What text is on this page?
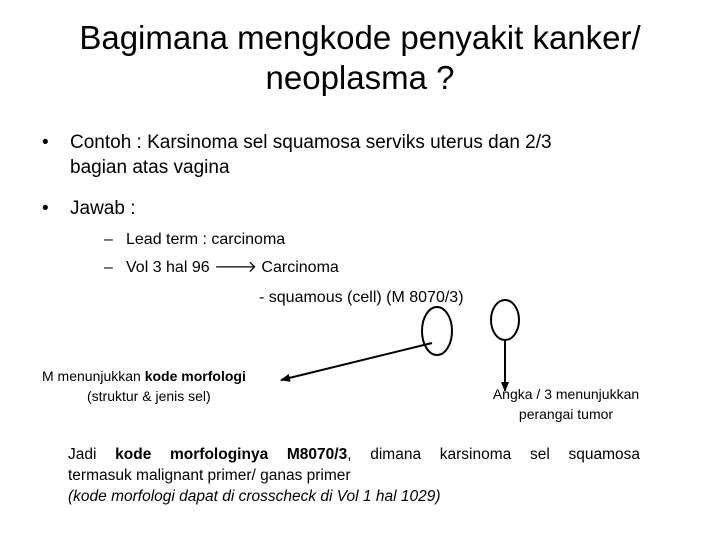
Bagimana mengkode penyakit kanker/
neoplasma ?
•	Contoh : Karsinoma sel squamosa serviks uterus dan 2/3
bagian atas vagina
•	Jawab :
– Lead term : carcinoma
– Vol 3 hal 96 🡒 Carcinoma
- squamous (cell) (M 8070/3)
M menunjukkan kode morfologi
(struktur & jenis sel)	Angka / 3 menunjukkan
perangai tumor
Jadi kode morfologinya M8070/3, dimana karsinoma sel squamosa
termasuk malignant primer/ ganas primer
(kode morfologi dapat di crosscheck di Vol 1 hal 1029)
